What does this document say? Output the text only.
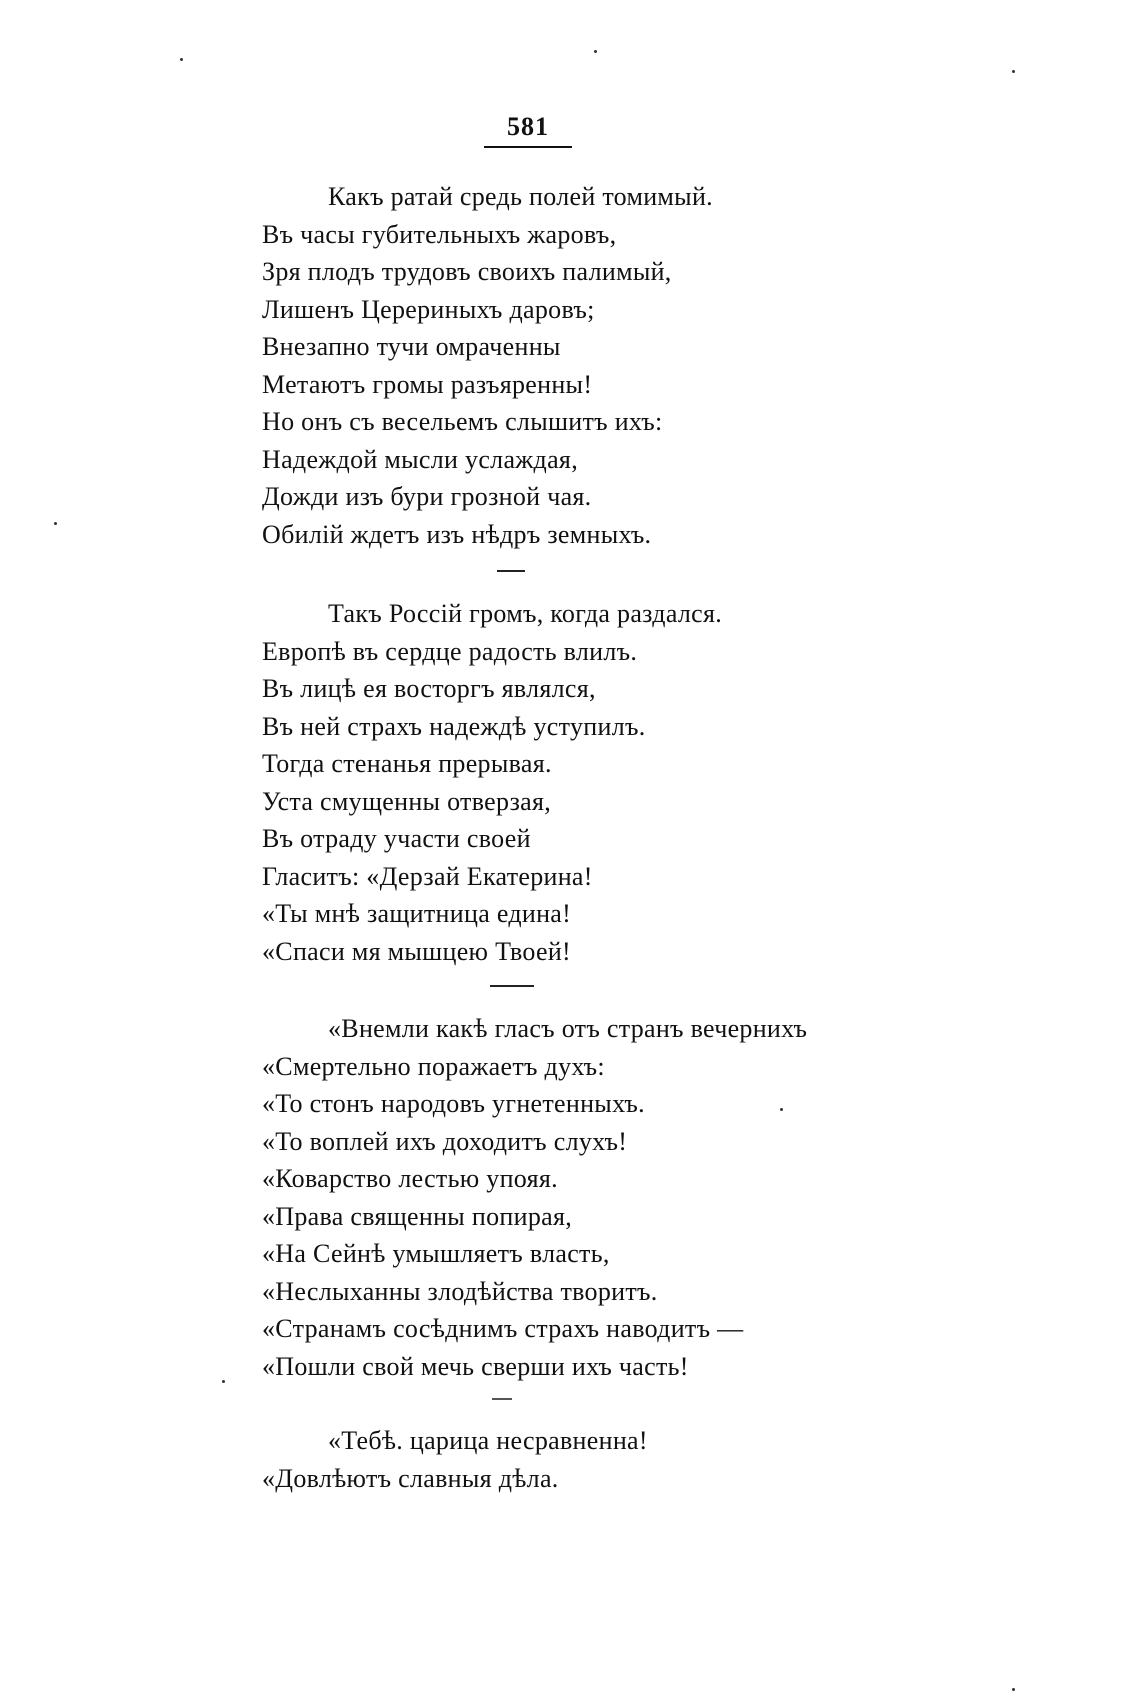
581
Какъ ратай средь полей томимый.
Въ часы губительныхъ жаровъ,
Зря плодъ трудовъ своихъ палимый,
Лишенъ Церериныхъ даровъ;
Внезапно тучи омраченны
Метаютъ громы разъяренны!
Но онъ съ весельемъ слышитъ ихъ:
Надеждой мысли услаждая,
Дожди изъ бури грозной чая.
Обилій ждетъ изъ нѣдръ земныхъ.
Такъ Россій громъ, когда раздался.
Европѣ въ сердце радость влилъ.
Въ лицѣ ея восторгъ являлся,
Въ ней страхъ надеждѣ уступилъ.
Тогда стенанья прерывая.
Уста смущенны отверзая,
Въ отраду участи своей
Гласитъ: «Дерзай Екатерина!
«Ты мнѣ защитница едина!
«Спаси мя мышцею Твоей!
«Внемли какѣ гласъ отъ странъ вечернихъ
«Смертельно поражаетъ духъ:
«То стонъ народовъ угнетенныхъ.
«То воплей ихъ доходитъ слухъ!
«Коварство лестью упояя.
«Права священны попирая,
«На Сейнѣ умышляетъ власть,
«Неслыханны злодѣйства творитъ.
«Странамъ сосѣднимъ страхъ наводитъ —
«Пошли свой мечь сверши ихъ часть!
«Тебѣ. царица несравненна!
«Довлѣютъ славныя дѣла.
